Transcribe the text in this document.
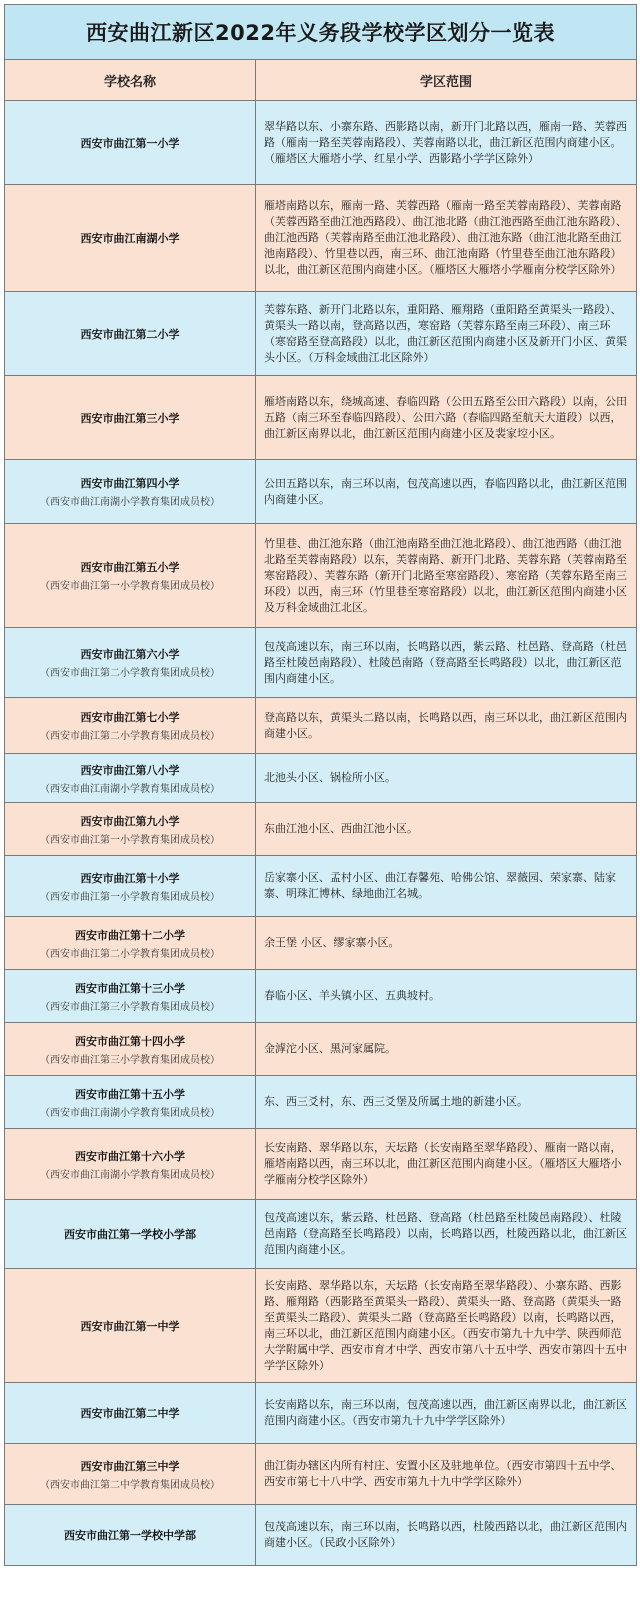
西安曲江新区2022年义务段学校学区划分一览表	
学校名称	学区范围
西安市曲江第一小学	翠华路以东、小寨东路、西影路以南，新开门北路以西，雁南一路、芙蓉西路（雁南一路至芙蓉南路段）、芙蓉南路以北，曲江新区范围内商建小区。（雁塔区大雁塔小学、红星小学、西影路小学学区除外）
西安市曲江南湖小学	雁塔南路以东，雁南一路、芙蓉西路（雁南一路至芙蓉南路段）、芙蓉南路（芙蓉西路至曲江池西路段）、曲江池北路（曲江池西路至曲江池东路段）、曲江池西路（芙蓉南路至曲江池北路段）、曲江池东路（曲江池北路至曲江池南路段）、竹里巷以西，南三环、曲江池南路（竹里巷至曲江池东路段）以北，曲江新区范围内商建小区。（雁塔区大雁塔小学雁南分校学区除外）
西安市曲江第二小学	芙蓉东路、新开门北路以东，重阳路、雁翔路（重阳路至黄渠头一路段）、黄渠头一路以南，登高路以西，寒窑路（芙蓉东路至南三环段）、南三环（寒窑路至登高路段）以北，曲江新区范围内商建小区及新开门小区、黄渠头小区。（万科金域曲江北区除外）
西安市曲江第三小学	雁塔南路以东，绕城高速、春临四路（公田五路至公田六路段）以南，公田五路（南三环至春临四路段）、公田六路（春临四路至航天大道段）以西，曲江新区南界以北，曲江新区范围内商建小区及裴家埪小区。
西安市曲江第四小学
（西安市曲江南湖小学教育集团成员校）	公田五路以东，南三环以南，包茂高速以西，春临四路以北，曲江新区范围内商建小区。
西安市曲江第五小学
（西安市曲江第一小学教育集团成员校）	竹里巷、曲江池东路（曲江池南路至曲江池北路段）、曲江池西路（曲江池北路至芙蓉南路段）以东，芙蓉南路、新开门北路、芙蓉东路（芙蓉南路至寒窑路段）、芙蓉东路（新开门北路至寒窑路段）、寒窑路（芙蓉东路至南三环段）以西，南三环（竹里巷至寒窑路段）以北，曲江新区范围内商建小区及万科金域曲江北区。
西安市曲江第六小学
（西安市曲江第二小学教育集团成员校）	包茂高速以东，南三环以南，长鸣路以西，紫云路、杜邑路、登高路（杜邑路至杜陵邑南路段）、杜陵邑南路（登高路至长鸣路段）以北，曲江新区范围内商建小区。
西安市曲江第七小学
（西安市曲江第二小学教育集团成员校）	登高路以东，黄渠头二路以南，长鸣路以西，南三环以北，曲江新区范围内商建小区。
西安市曲江第八小学
（西安市曲江南湖小学教育集团成员校）	北池头小区、锅检所小区。
西安市曲江第九小学
（西安市曲江第一小学教育集团成员校）	东曲江池小区、西曲江池小区。
西安市曲江第十小学
（西安市曲江第一小学教育集团成员校）	岳家寨小区、孟村小区、曲江春馨苑、哈佛公馆、翠薇园、荣家寨、陆家寨、明珠汇博林、绿地曲江名城。
西安市曲江第十二小学
（西安市曲江第二小学教育集团成员校）	余王堡 小区、缪家寨小区。
西安市曲江第十三小学
（西安市曲江第三小学教育集团成员校）	春临小区、羊头镇小区、五典坡村。
西安市曲江第十四小学
（西安市曲江第三小学教育集团成员校）	金滹沱小区、黑河家属院。
西安市曲江第十五小学
（西安市曲江南湖小学教育集团成员校）	东、西三爻村，东、西三爻堡及所属土地的新建小区。
西安市曲江第十六小学
（西安市曲江南湖小学教育集团成员校）	长安南路、翠华路以东，天坛路（长安南路至翠华路段）、雁南一路以南，雁塔南路以西，南三环以北，曲江新区范围内商建小区。（雁塔区大雁塔小学雁南分校学区除外）
西安市曲江第一学校小学部	包茂高速以东，紫云路、杜邑路、登高路（杜邑路至杜陵邑南路段）、杜陵邑南路（登高路至长鸣路段）以南，长鸣路以西，杜陵西路以北，曲江新区范围内商建小区。
西安市曲江第一中学	长安南路、翠华路以东，天坛路（长安南路至翠华路段）、小寨东路、西影路、雁翔路（西影路至黄渠头一路段）、黄渠头一路、登高路（黄渠头一路至黄渠头二路段）、黄渠头二路（登高路至长鸣路段）以南，长鸣路以西，南三环以北，曲江新区范围内商建小区。（西安市第九十九中学、陕西师范大学附属中学、西安市育才中学、西安市第八十五中学、西安市第四十五中学学区除外）
西安市曲江第二中学	长安南路以东，南三环以南，包茂高速以西，曲江新区南界以北，曲江新区范围内商建小区。（西安市第九十九中学学区除外）
西安市曲江第三中学
（西安市曲江第二中学教育集团成员校）	曲江街办辖区内所有村庄、安置小区及驻地单位。（西安市第四十五中学、西安市第七十八中学、西安市第九十九中学学区除外）
西安市曲江第一学校中学部	包茂高速以东，南三环以南，长鸣路以西，杜陵西路以北，曲江新区范围内商建小区。（民政小区除外）
